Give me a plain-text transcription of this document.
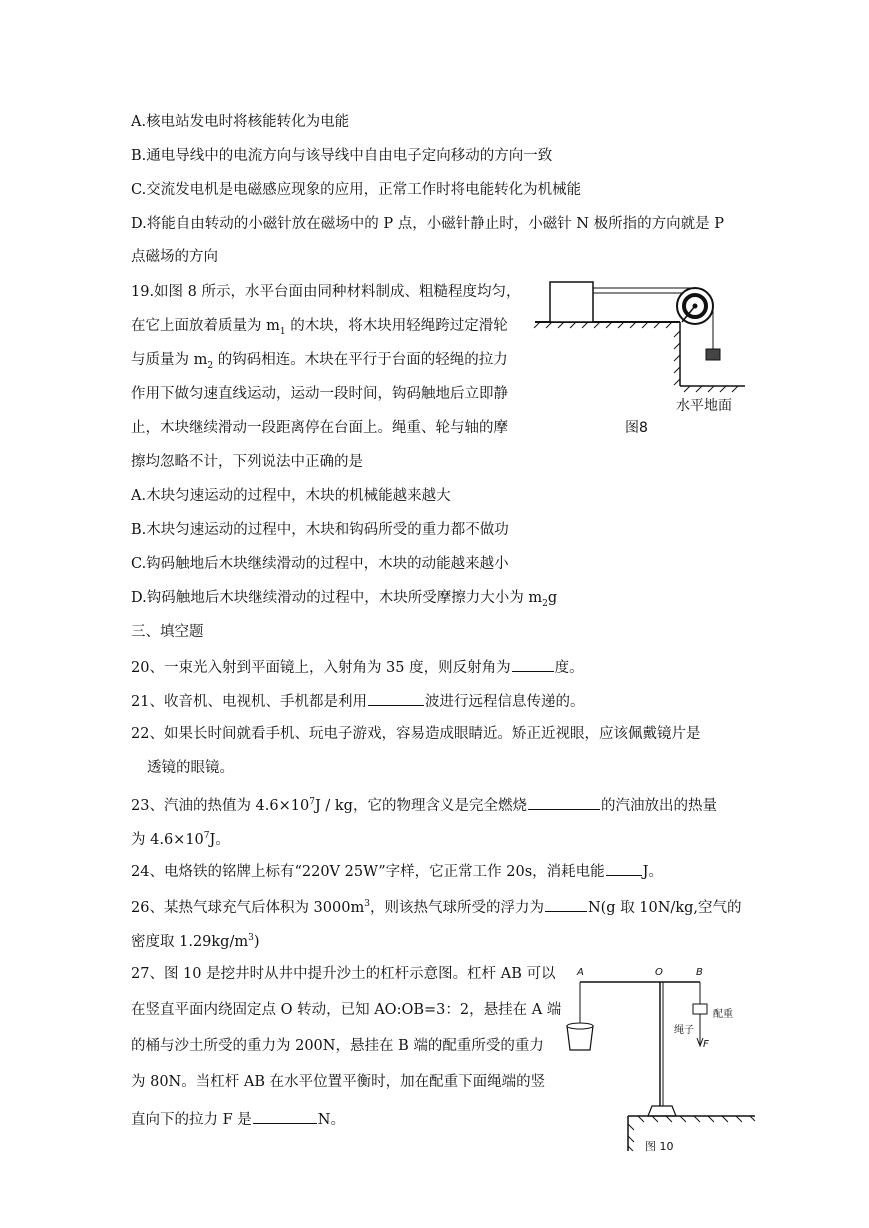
A.核电站发电时将核能转化为电能
B.通电导线中的电流方向与该导线中自由电子定向移动的方向一致
C.交流发电机是电磁感应现象的应用，正常工作时将电能转化为机械能
D.将能自由转动的小磁针放在磁场中的 P 点，小磁针静止时，小磁针 N 极所指的方向就是 P
点磁场的方向
19.如图 8 所示，水平台面由同种材料制成、粗糙程度均匀，
在它上面放着质量为 $m_1$ 的木块，将木块用轻绳跨过定滑轮
与质量为 $m_2$ 的钩码相连。木块在平行于台面的轻绳的拉力
作用下做匀速直线运动，运动一段时间，钩码触地后立即静
止，木块继续滑动一段距离停在台面上。绳重、轮与轴的摩
擦均忽略不计，下列说法中正确的是
A.木块匀速运动的过程中，木块的机械能越来越大
B.木块匀速运动的过程中，木块和钩码所受的重力都不做功
C.钩码触地后木块继续滑动的过程中，木块的动能越来越小
D.钩码触地后木块继续滑动的过程中，木块所受摩擦力大小为 $m_2g$
水平地面
图8
三、填空题
20、一束光入射到平面镜上，入射角为 35 度，则反射角为	度。
21、收音机、电视机、手机都是利用	波进行远程信息传递的。
22、如果长时间就看手机、玩电子游戏，容易造成眼睛近。矫正近视眼，应该佩戴镜片是
透镜的眼镜。
23、汽油的热值为 $4.6\times 10^7J$ / kg，它的物理含义是完全燃烧	的汽油放出的热量
为 $4.6\times 10^7J$。
24、电烙铁的铭牌上标有“220V 25W”字样，它正常工作 20s，消耗电能	J。
26、某热气球充气后体积为 $3000m^3$，则该热气球所受的浮力为	N(g 取 10N/kg,空气的
密度取 $1.29kg/m^3$)
27、图 10 是挖井时从井中提升沙土的杠杆示意图。杠杆 AB 可以
在竖直平面内绕固定点 O 转动，已知 AO:OB=3：2，悬挂在 A 端
的桶与沙土所受的重力为 200N，悬挂在 B 端的配重所受的重力
为 80N。当杠杆 AB 在水平位置平衡时，加在配重下面绳端的竖
直向下的拉力 F 是	N。
A	O	B
配重
绳子
F
图 10
